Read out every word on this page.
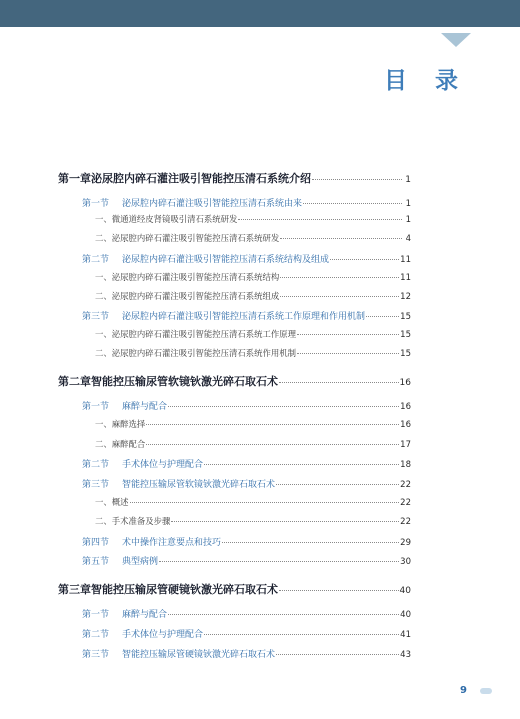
目 录
第一章 泌尿腔内碎石灌注吸引智能控压清石系统介绍	1
第一节	泌尿腔内碎石灌注吸引智能控压清石系统由来	1
一、微通道经皮肾镜吸引清石系统研发	1
二、泌尿腔内碎石灌注吸引智能控压清石系统研发	4
第二节	泌尿腔内碎石灌注吸引智能控压清石系统结构及组成	11
一、泌尿腔内碎石灌注吸引智能控压清石系统结构	11
二、泌尿腔内碎石灌注吸引智能控压清石系统组成	12
第三节	泌尿腔内碎石灌注吸引智能控压清石系统工作原理和作用机制	15
一、泌尿腔内碎石灌注吸引智能控压清石系统工作原理	15
二、泌尿腔内碎石灌注吸引智能控压清石系统作用机制	15
第二章 智能控压输尿管软镜钬激光碎石取石术	16
第一节	麻醉与配合	16
一、麻醉选择	16
二、麻醉配合	17
第二节	手术体位与护理配合	18
第三节	智能控压输尿管软镜钬激光碎石取石术	22
一、概述	22
二、手术准备及步骤	22
第四节	术中操作注意要点和技巧	29
第五节	典型病例	30
第三章 智能控压输尿管硬镜钬激光碎石取石术	40
第一节	麻醉与配合	40
第二节	手术体位与护理配合	41
第三节	智能控压输尿管硬镜钬激光碎石取石术	43
9
